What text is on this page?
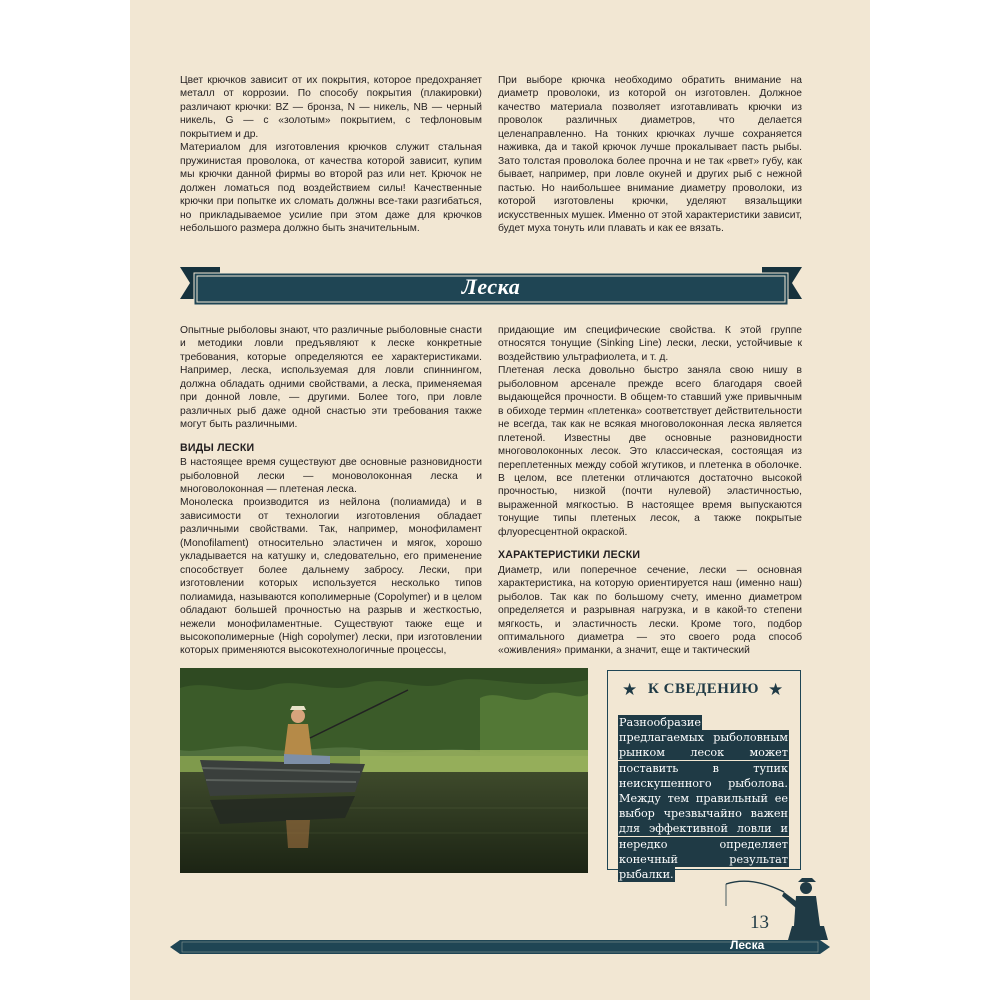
Цвет крючков зависит от их покрытия, которое предохраняет металл от коррозии. По способу покрытия (плакировки) различают крючки: BZ — бронза, N — никель, NB — черный никель, G — с «золотым» покрытием, с тефлоновым покрытием и др.

Материалом для изготовления крючков служит стальная пружинистая проволока, от качества которой зависит, купим мы крючки данной фирмы во второй раз или нет. Крючок не должен ломаться под воздействием силы! Качественные крючки при попытке их сломать должны все-таки разгибаться, но прикладываемое усилие при этом даже для крючков небольшого размера должно быть значительным.

При выборе крючка необходимо обратить внимание на диаметр проволоки, из которой он изготовлен. Должное качество материала позволяет изготавливать крючки из проволок различных диаметров, что делается целенаправленно. На тонких крючках лучше сохраняется наживка, да и такой крючок лучше прокалывает пасть рыбы. Зато толстая проволока более прочна и не так «рвет» губу, как бывает, например, при ловле окуней и других рыб с нежной пастью. Но наибольшее внимание диаметру проволоки, из которой изготовлены крючки, уделяют вязальщики искусственных мушек. Именно от этой характеристики зависит, будет муха тонуть или плавать и как ее вязать.

Леска

Опытные рыболовы знают, что различные рыболовные снасти и методики ловли предъявляют к леске конкретные требования, которые определяются ее характеристиками. Например, леска, используемая для ловли спиннингом, должна обладать одними свойствами, а леска, применяемая при донной ловле, — другими. Более того, при ловле различных рыб даже одной снастью эти требования также могут быть различными.

ВИДЫ ЛЕСКИ

В настоящее время существуют две основные разновидности рыболовной лески — моноволоконная леска и многоволоконная — плетеная леска.

Монолеска производится из нейлона (полиамида) и в зависимости от технологии изготовления обладает различными свойствами. Так, например, монофиламент (Monofilament) относительно эластичен и мягок, хорошо укладывается на катушку и, следовательно, его применение способствует более дальнему забросу. Лески, при изготовлении которых используется несколько типов полиамида, называются кополимерные (Copolymer) и в целом обладают большей прочностью на разрыв и жесткостью, нежели монофиламентные. Существуют также еще и высокополимерные (High copolymer) лески, при изготовлении которых применяются высокотехнологичные процессы,

придающие им специфические свойства. К этой группе относятся тонущие (Sinking Line) лески, лески, устойчивые к воздействию ультрафиолета, и т. д.

Плетеная леска довольно быстро заняла свою нишу в рыболовном арсенале прежде всего благодаря своей выдающейся прочности. В общем-то ставший уже привычным в обиходе термин «плетенка» соответствует действительности не всегда, так как не всякая многоволоконная леска является плетеной. Известны две основные разновидности многоволоконных лесок. Это классическая, состоящая из переплетенных между собой жгутиков, и плетенка в оболочке. В целом, все плетенки отличаются достаточно высокой прочностью, низкой (почти нулевой) эластичностью, выраженной мягкостью. В настоящее время выпускаются тонущие типы плетеных лесок, а также покрытые флуоресцентной окраской.

ХАРАКТЕРИСТИКИ ЛЕСКИ

Диаметр, или поперечное сечение, лески — основная характеристика, на которую ориентируется наш (именно наш) рыболов. Так как по большому счету, именно диаметром определяется и разрывная нагрузка, и в какой-то степени мягкость, и эластичность лески. Кроме того, подбор оптимального диаметра — это своего рода способ «оживления» приманки, а значит, еще и тактический

★ К СВЕДЕНИЮ ★
Разнообразие предлагаемых рыболовным рынком лесок может поставить в тупик неискушенного рыболова. Между тем правильный ее выбор чрезвычайно важен для эффективной ловли и нередко определяет конечный результат рыбалки.
13
Леска
